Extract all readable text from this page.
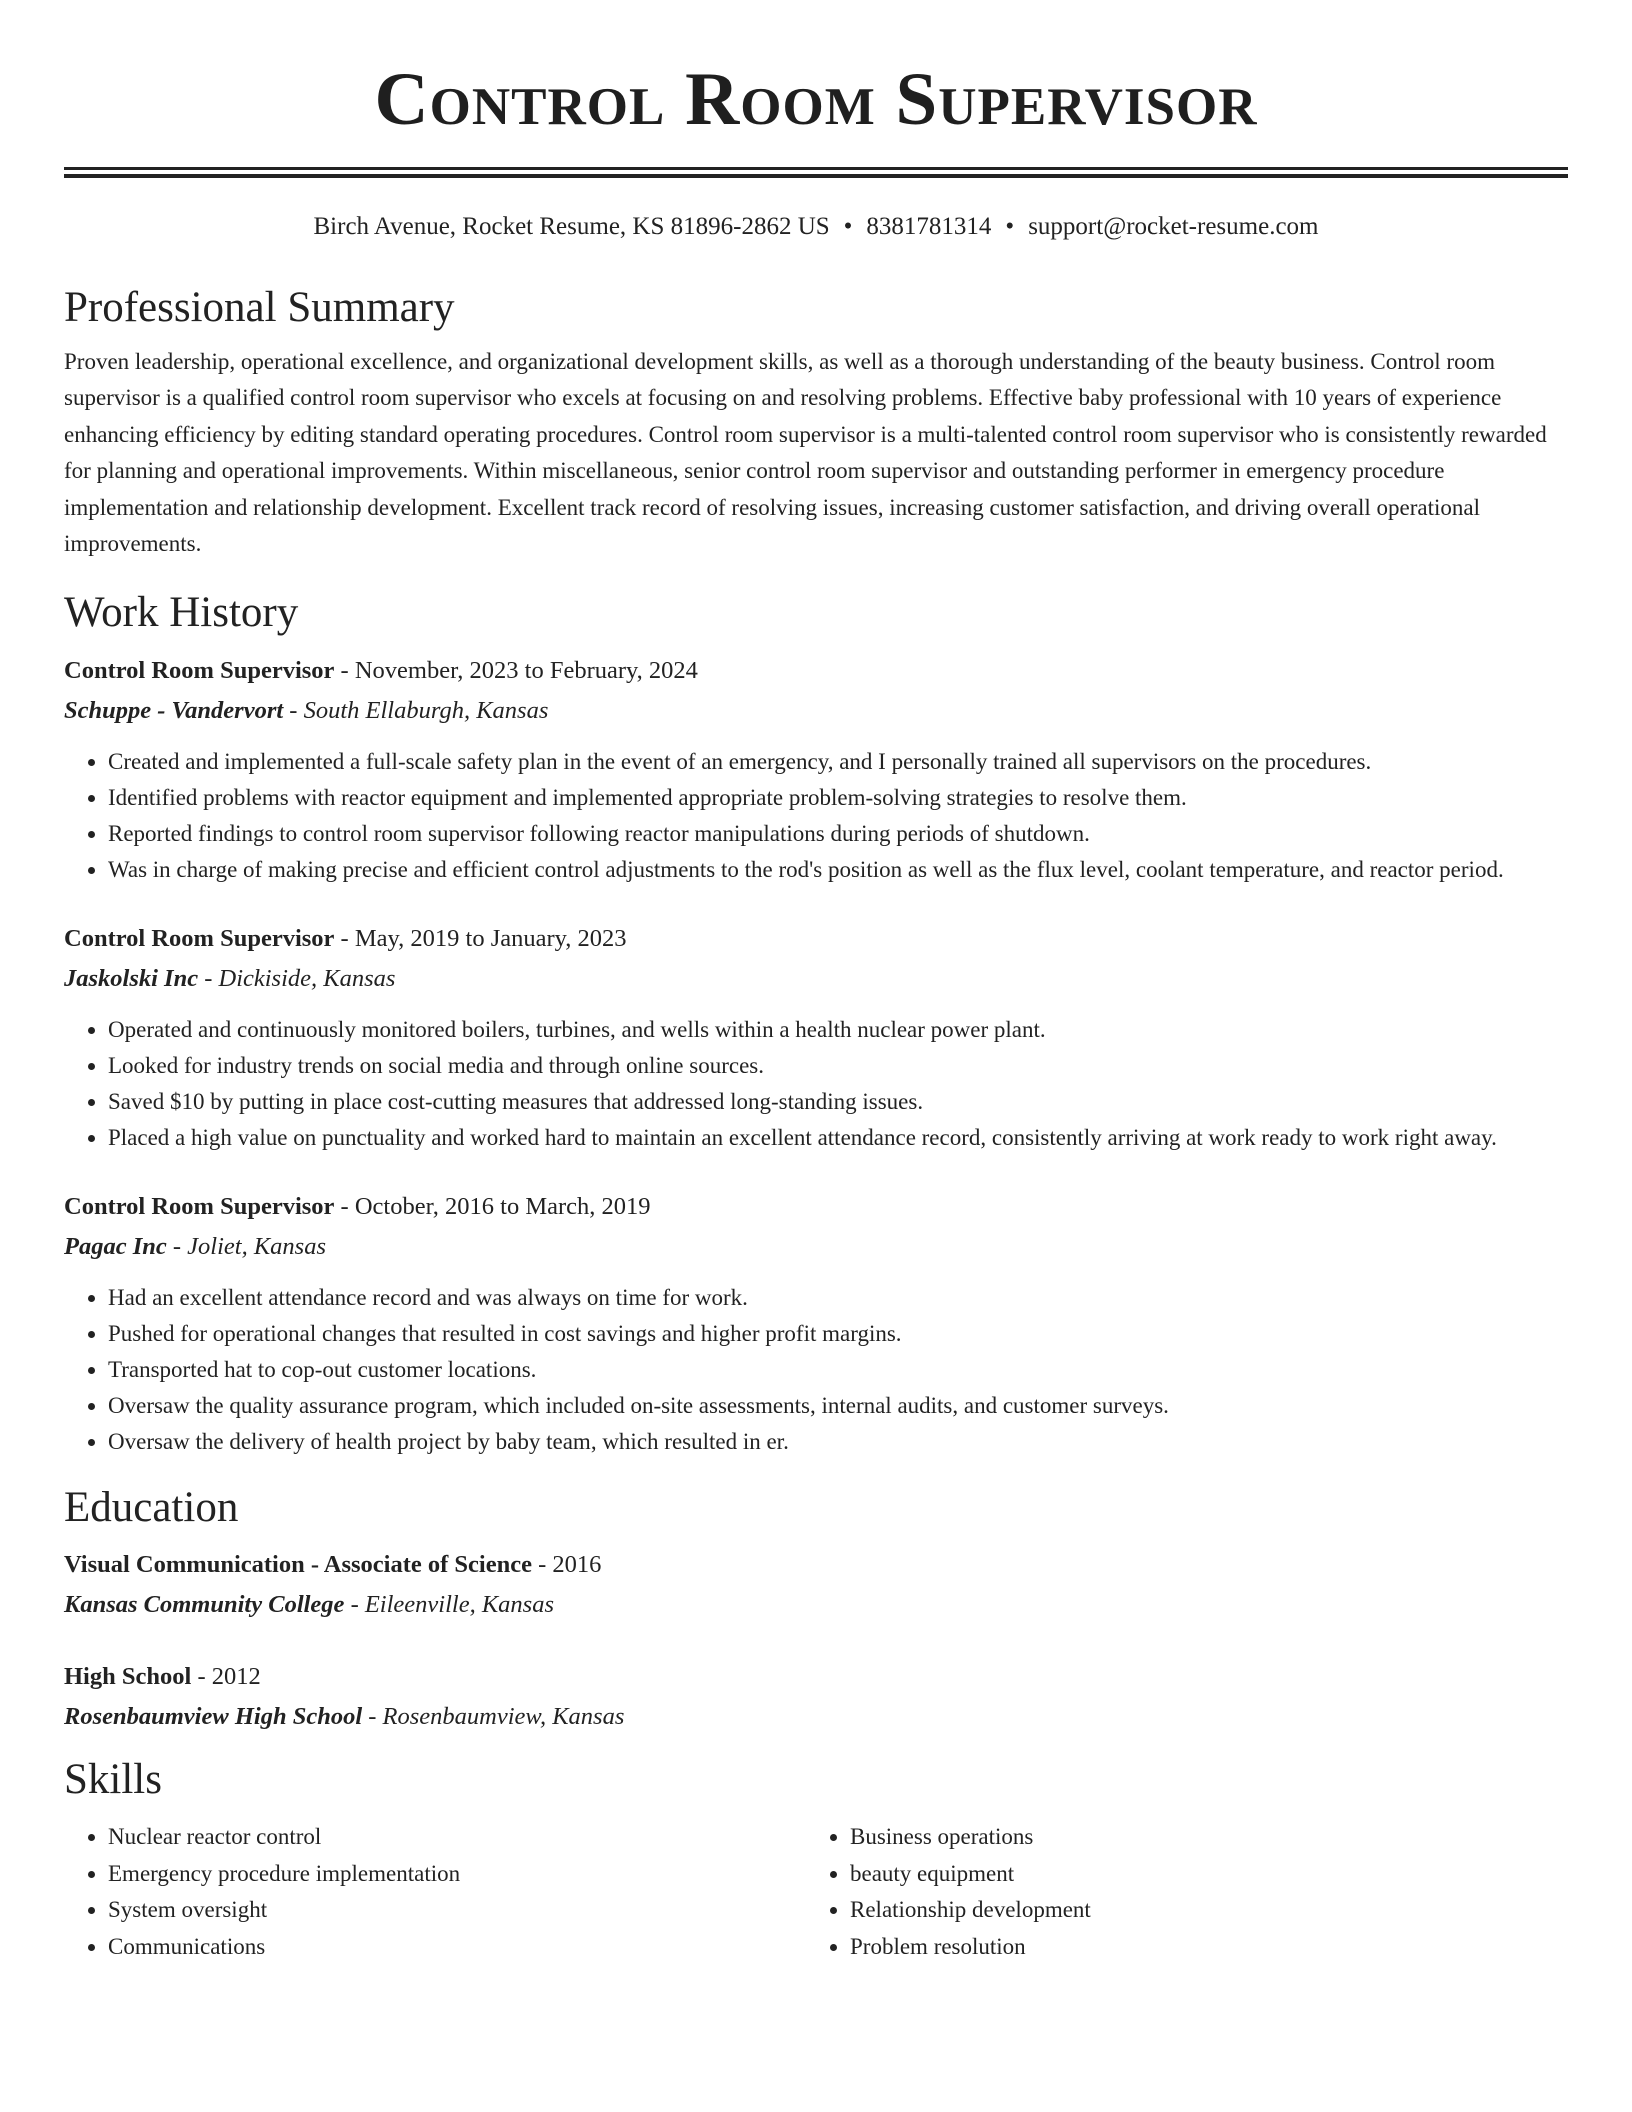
Control Room Supervisor
Birch Avenue, Rocket Resume, KS 81896-2862 US • 8381781314 • support@rocket-resume.com
Professional Summary

Proven leadership, operational excellence, and organizational development skills, as well as a thorough understanding of the beauty business. Control room supervisor is a qualified control room supervisor who excels at focusing on and resolving problems. Effective baby professional with 10 years of experience enhancing efficiency by editing standard operating procedures. Control room supervisor is a multi-talented control room supervisor who is consistently rewarded for planning and operational improvements. Within miscellaneous, senior control room supervisor and outstanding performer in emergency procedure implementation and relationship development. Excellent track record of resolving issues, increasing customer satisfaction, and driving overall operational improvements.

Work History

Control Room Supervisor - November, 2023 to February, 2024

Schuppe - Vandervort - South Ellaburgh, Kansas

• Created and implemented a full-scale safety plan in the event of an emergency, and I personally trained all supervisors on the procedures.
• Identified problems with reactor equipment and implemented appropriate problem-solving strategies to resolve them.
• Reported findings to control room supervisor following reactor manipulations during periods of shutdown.
• Was in charge of making precise and efficient control adjustments to the rod's position as well as the flux level, coolant temperature, and reactor period.

Control Room Supervisor - May, 2019 to January, 2023

Jaskolski Inc - Dickiside, Kansas

• Operated and continuously monitored boilers, turbines, and wells within a health nuclear power plant.
• Looked for industry trends on social media and through online sources.
• Saved $10 by putting in place cost-cutting measures that addressed long-standing issues.
• Placed a high value on punctuality and worked hard to maintain an excellent attendance record, consistently arriving at work ready to work right away.

Control Room Supervisor - October, 2016 to March, 2019

Pagac Inc - Joliet, Kansas

• Had an excellent attendance record and was always on time for work.
• Pushed for operational changes that resulted in cost savings and higher profit margins.
• Transported hat to cop-out customer locations.
• Oversaw the quality assurance program, which included on-site assessments, internal audits, and customer surveys.
• Oversaw the delivery of health project by baby team, which resulted in er.
Education

Visual Communication - Associate of Science - 2016

Kansas Community College - Eileenville, Kansas

High School - 2012

Rosenbaumview High School - Rosenbaumview, Kansas

Skills
• Nuclear reactor control
• Emergency procedure implementation
• System oversight
• Communications
• Business operations
• beauty equipment
• Relationship development
• Problem resolution
